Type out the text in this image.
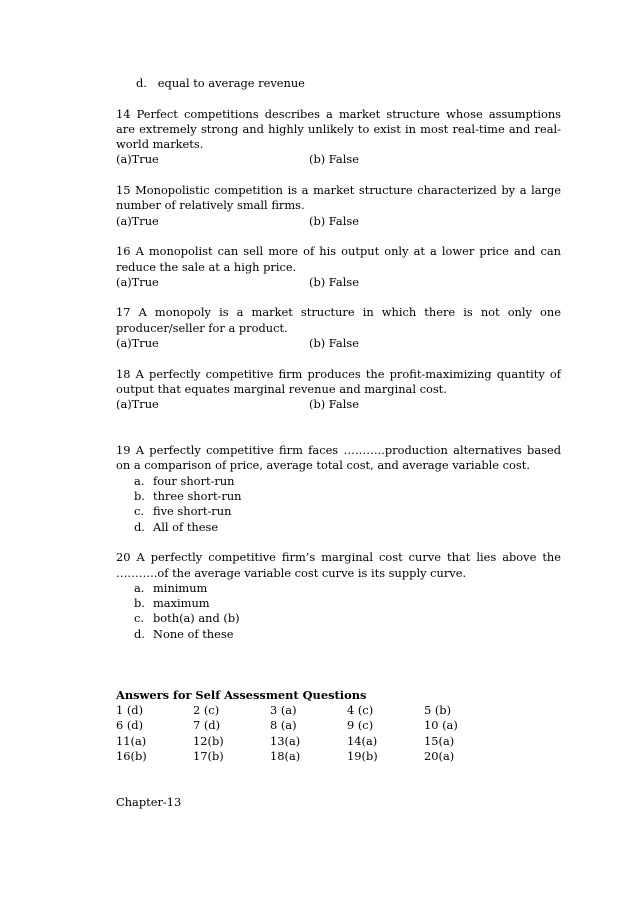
d. equal to average revenue

14 Perfect competitions describes a market structure whose assumptions are extremely strong and highly unlikely to exist in most real-time and real-world markets.

(a)True	(b) False

15 Monopolistic competition is a market structure characterized by a large number of relatively small firms.

(a)True	(b) False

16 A monopolist can sell more of his output only at a lower price and can reduce the sale at a high price.

(a)True	(b) False

17 A monopoly is a market structure in which there is not only one producer/seller for a product.

(a)True	(b) False

18 A perfectly competitive firm produces the profit-maximizing quantity of output that equates marginal revenue and marginal cost.

(a)True	(b) False

19 A perfectly competitive firm faces ………..production alternatives based on a comparison of price, average total cost, and average variable cost.

a. four short-run
b. three short-run
c. five short-run
d. All of these

20 A perfectly competitive firm’s marginal cost curve that lies above the ………..of the average variable cost curve is its supply curve.

a. minimum
b. maximum
c. both(a) and (b)
d. None of these
Answers for Self Assessment Questions
1 (d)	2 (c)	3 (a)	4 (c)	5 (b)
6 (d)	7 (d)	8 (a)	9 (c)	10 (a)
11(a)	12(b)	13(a)	14(a)	15(a)
16(b)	17(b)	18(a)	19(b)	20(a)
Chapter-13
